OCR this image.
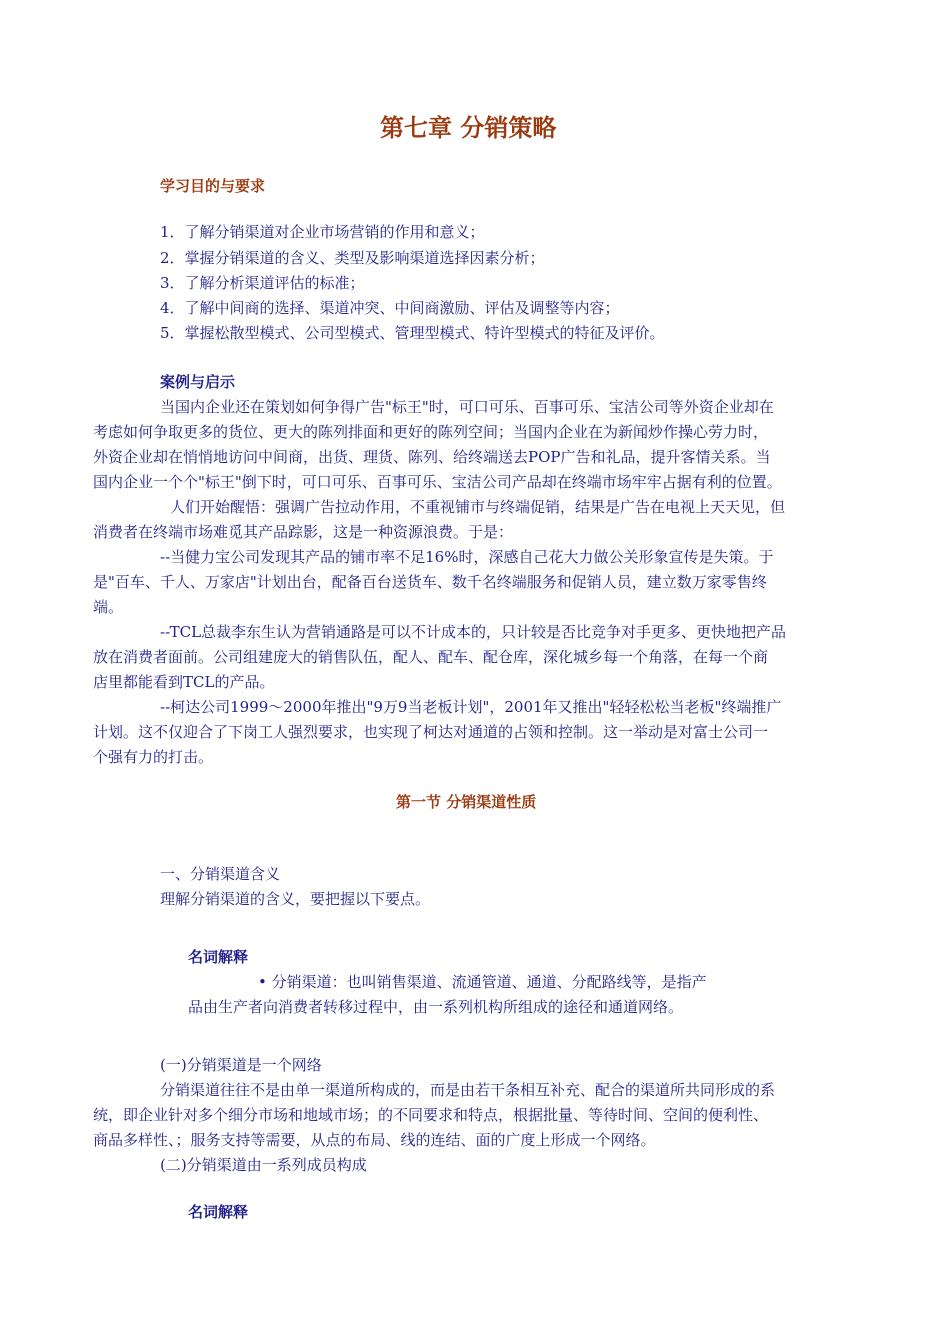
第七章 分销策略
学习目的与要求
1．了解分销渠道对企业市场营销的作用和意义；
2．掌握分销渠道的含义、类型及影响渠道选择因素分析；
3．了解分析渠道评估的标准；
4．了解中间商的选择、渠道冲突、中间商激励、评估及调整等内容；
5．掌握松散型模式、公司型模式、管理型模式、特许型模式的特征及评价。
案例与启示
当国内企业还在策划如何争得广告"标王"时，可口可乐、百事可乐、宝洁公司等外资企业却在
考虑如何争取更多的货位、更大的陈列排面和更好的陈列空间；当国内企业在为新闻炒作操心劳力时，
外资企业却在悄悄地访问中间商，出货、理货、陈列、给终端送去POP广告和礼品，提升客情关系。当
国内企业一个个"标王"倒下时，可口可乐、百事可乐、宝洁公司产品却在终端市场牢牢占据有利的位置。
人们开始醒悟：强调广告拉动作用，不重视铺市与终端促销，结果是广告在电视上天天见，但
消费者在终端市场难觅其产品踪影，这是一种资源浪费。于是：
--当健力宝公司发现其产品的铺市率不足16%时，深感自己花大力做公关形象宣传是失策。于
是"百车、千人、万家店"计划出台，配备百台送货车、数千名终端服务和促销人员，建立数万家零售终
端。
--TCL总裁李东生认为营销通路是可以不计成本的，只计较是否比竞争对手更多、更快地把产品
放在消费者面前。公司组建庞大的销售队伍，配人、配车、配仓库，深化城乡每一个角落，在每一个商
店里都能看到TCL的产品。
--柯达公司1999～2000年推出"9万9当老板计划"，2001年又推出"轻轻松松当老板"终端推广
计划。这不仅迎合了下岗工人强烈要求，也实现了柯达对通道的占领和控制。这一举动是对富士公司一
个强有力的打击。
第一节 分销渠道性质
一、分销渠道含义
理解分销渠道的含义，要把握以下要点。
名词解释
• 分销渠道：也叫销售渠道、流通管道、通道、分配路线等，是指产
品由生产者向消费者转移过程中，由一系列机构所组成的途径和通道网络。
(一)分销渠道是一个网络
分销渠道往往不是由单一渠道所构成的，而是由若干条相互补充、配合的渠道所共同形成的系
统，即企业针对多个细分市场和地域市场；的不同要求和特点，根据批量、等待时间、空间的便利性、
商品多样性、；服务支持等需要，从点的布局、线的连结、面的广度上形成一个网络。
(二)分销渠道由一系列成员构成
名词解释
